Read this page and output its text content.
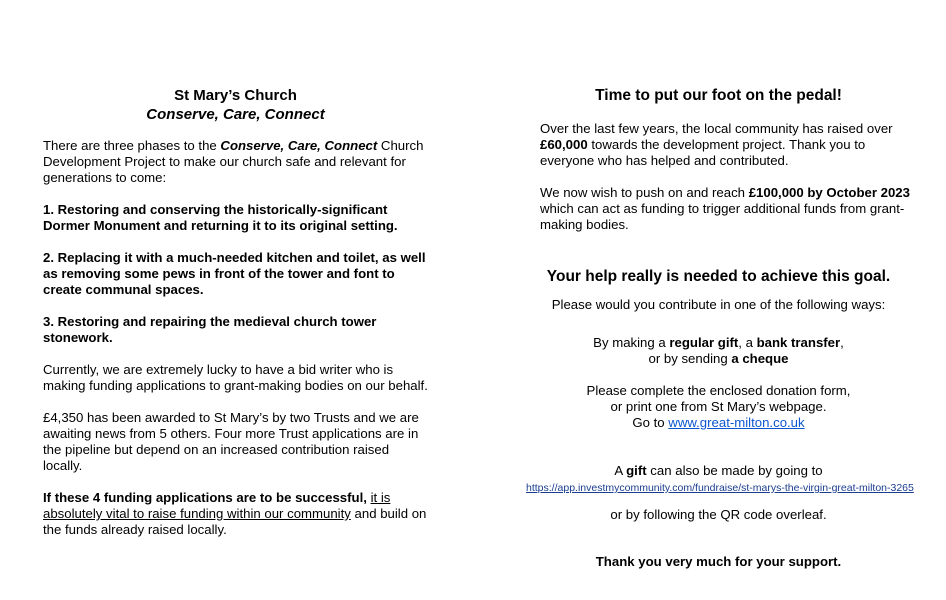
St Mary’s Church

Conserve, Care, Connect

There are three phases to the Conserve, Care, Connect Church Development Project to make our church safe and relevant for generations to come:

1. Restoring and conserving the historically-significant Dormer Monument and returning it to its original setting.

2. Replacing it with a much-needed kitchen and toilet, as well as removing some pews in front of the tower and font to create communal spaces.

3. Restoring and repairing the medieval church tower stonework.

Currently, we are extremely lucky to have a bid writer who is making funding applications to grant-making bodies on our behalf.

£4,350 has been awarded to St Mary’s by two Trusts and we are awaiting news from 5 others. Four more Trust applications are in the pipeline but depend on an increased contribution raised locally.

If these 4 funding applications are to be successful, it is absolutely vital to raise funding within our community and build on the funds already raised locally.

Time to put our foot on the pedal!

Over the last few years, the local community has raised over £60,000 towards the development project. Thank you to everyone who has helped and contributed.

We now wish to push on and reach £100,000 by October 2023 which can act as funding to trigger additional funds from grant-making bodies.

Your help really is needed to achieve this goal.

Please would you contribute in one of the following ways:

By making a regular gift, a bank transfer,

or by sending a cheque

Please complete the enclosed donation form,

or print one from St Mary’s webpage.

Go to www.great-milton.co.uk

A gift can also be made by going to

https://app.investmycommunity.com/fundraise/st-marys-the-virgin-great-milton-3265

or by following the QR code overleaf.

Thank you very much for your support.
